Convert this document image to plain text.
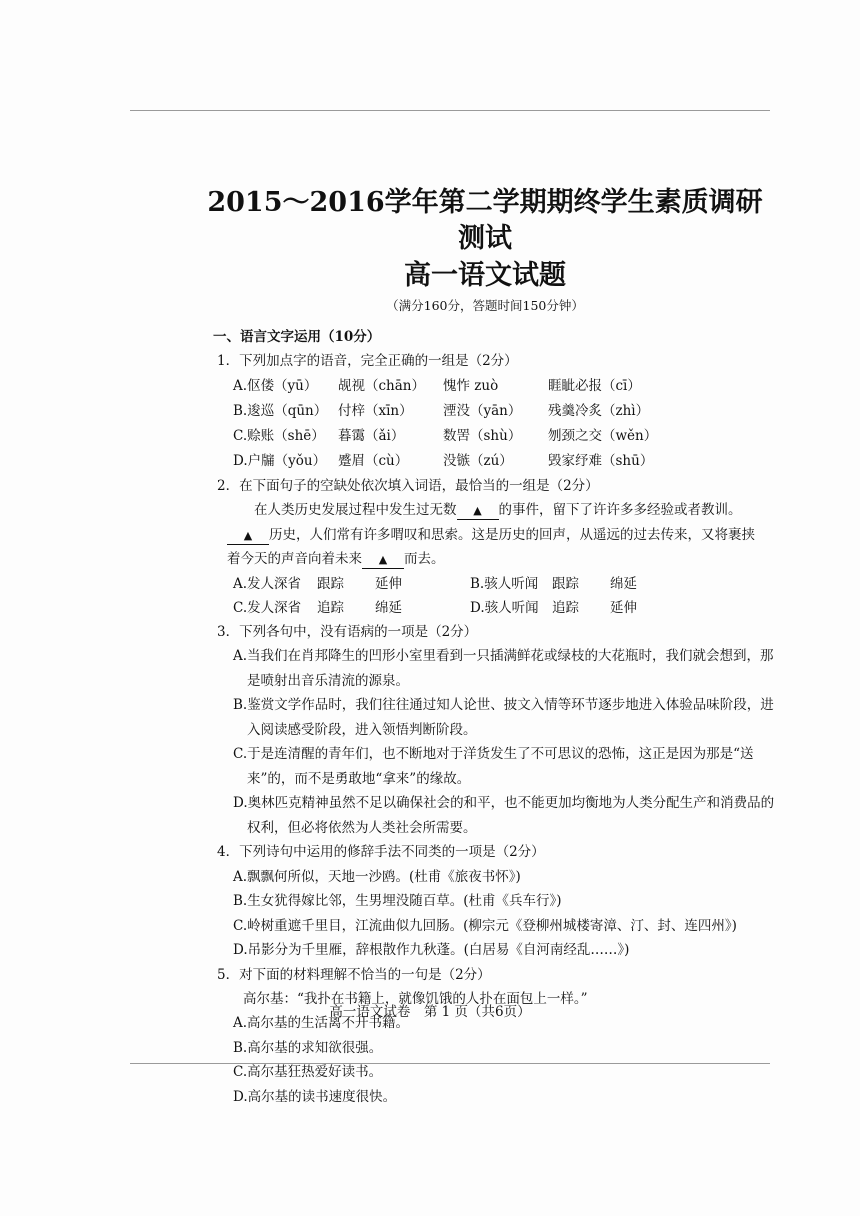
2015～2016学年第二学期期终学生素质调研测试
高一语文试题
（满分160分，答题时间150分钟）
一、语言文字运用（10分）
1．下列加点字的语音，完全正确的一组是（2分）
A.伛偻（yū）	觇视（chān）	愧怍 zuò	睚眦必报（cī）
B.逡巡（qūn） 付梓（xīn）	湮没（yān）	残羹冷炙（zhì）
C.赊账（shē） 暮霭（ǎi）	数罟（shù）	刎颈之交（wěn）
D.户牖（yǒu） 蹙眉（cù）	没镞（zú）	毁家纾难（shū）
2．在下面句子的空缺处依次填入词语，最恰当的一组是（2分）
在人类历史发展过程中发生过无数 ▲ 的事件，留下了许许多多经验或者教训。▲ 历史，人们常有许多喟叹和思索。这是历史的回声，从遥远的过去传来，又将裹挟着今天的声音向着未来 ▲ 而去。
A.发人深省	跟踪	延伸	B.骇人听闻	跟踪	绵延
C.发人深省	追踪	绵延	D.骇人听闻 追踪	延伸
3．下列各句中，没有语病的一项是（2分）
A.当我们在肖邦降生的凹形小室里看到一只插满鲜花或绿枝的大花瓶时，我们就会想到，那是喷射出音乐清流的源泉。
B.鉴赏文学作品时，我们往往通过知人论世、披文入情等环节逐步地进入体验品味阶段，进入阅读感受阶段，进入领悟判断阶段。
C.于是连清醒的青年们，也不断地对于洋货发生了不可思议的恐怖，这正是因为那是“送来”的，而不是勇敢地“拿来”的缘故。
D.奥林匹克精神虽然不足以确保社会的和平，也不能更加均衡地为人类分配生产和消费品的权利，但必将依然为人类社会所需要。
4．下列诗句中运用的修辞手法不同类的一项是（2分）
A.飘飘何所似，天地一沙鸥。(杜甫《旅夜书怀》)
B.生女犹得嫁比邻，生男埋没随百草。(杜甫《兵车行》)
C.岭树重遮千里目，江流曲似九回肠。(柳宗元《登柳州城楼寄漳、汀、封、连四州》)
D.吊影分为千里雁，辞根散作九秋蓬。(白居易《自河南经乱……》)
5．对下面的材料理解不恰当的一句是（2分）
高尔基：“我扑在书籍上，就像饥饿的人扑在面包上一样。”
A.高尔基的生活离不开书籍。
B.高尔基的求知欲很强。
C.高尔基狂热爱好读书。
D.高尔基的读书速度很快。
高一语文试卷　第 1 页（共6页）
